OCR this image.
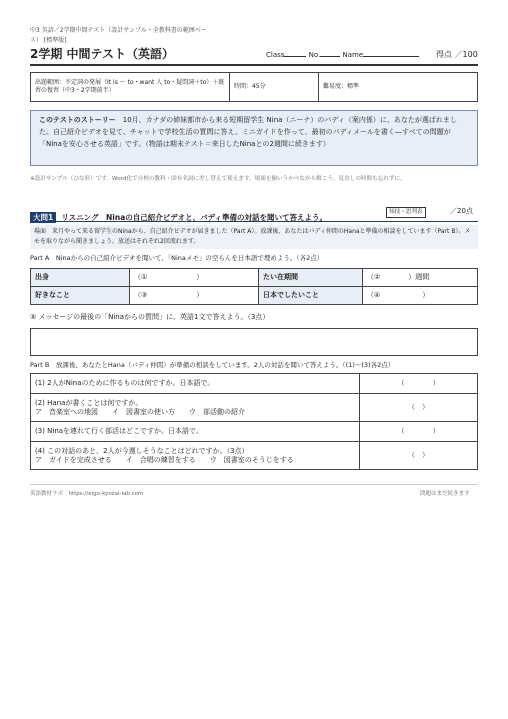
中3 英語／2学期中間テスト（設計サンプル・全教科書の範囲ベー
ス） [標準版]
2学期 中間テスト（英語）	Class	No.	Name	得点 ／100
出題範囲：不定詞の発展（It is ～ to・want 人 to・疑問詞＋to）＋既習の復習（中3・2学期前半）	時間：45分	難易度：標準
このテストのストーリー　 10月、カナダの姉妹都市から来る短期留学生 Nina（ニーナ）のバディ（案内係）に、あなたが選ばれました。自己紹介ビデオを見て、チャットで学校生活の質問に答え、ミニガイドを作って、最初のパディメールを書く―すべての問題が「Ninaを安心させる英語」です。（物語は期末テスト＝来日したNinaとの2週間に続きます）
※設計サンプル（ひな形）です。Word化で自校の教科・固有名詞に差し替えて使えます。場面を揃いうかべながら解こう。見直しの時間も忘れずに。
大問1 リスニング　Ninaの自己紹介ビデオと、バディ準備の対話を聞いて答えよう。
知技・思判表	／20点
場面　来月やって来る留学生のNinaから、自己紹介ビデオが届きました（Part A）。放課後、あなたはパディ仲間のHanaと準備の相談をしています（Part B）。メモを取りながら聞きましょう。放送はそれぞれ2回流れます。
Part A　Ninaからの自己紹介ビデオを聞いて、「Ninaメモ」の空らんを日本語で埋めよう。（各2点）
出身	（①　　　　　　　）	たい在期間	（②　　　　）週間
好きなこと	（③　　　　　　　）	日本でしたいこと	（④　　　　　　）
⑤ メッセージの最後の「Ninaからの質問」に、英語1文で答えよう。（3点）
Part B　放課後、あなたとHana（パディ仲間）が準備の相談をしています。2人の対話を聞いて答えよう。（(1)〜(3)各2点）
(1) 2人がNinaのために作るものは何ですか。日本語で。	（　　　　）

(2) Hanaが書くことは何ですか。
ア　音楽室への地図　　イ　図書室の使い方　　ウ　部活動の紹介	（　）

(3) Ninaを連れて行く部活はどこですか。日本語で。	（　　　　）

(4) この対話のあと、2人が今週しそうなことはどれですか。（3点）
ア　ガイドを完成させる　　イ　合唱の練習をする　　ウ　図書室のそうじをする	（　）
英語教材ラボ　https://eigo-kyozai-lab.com	問題はまだ続きます
